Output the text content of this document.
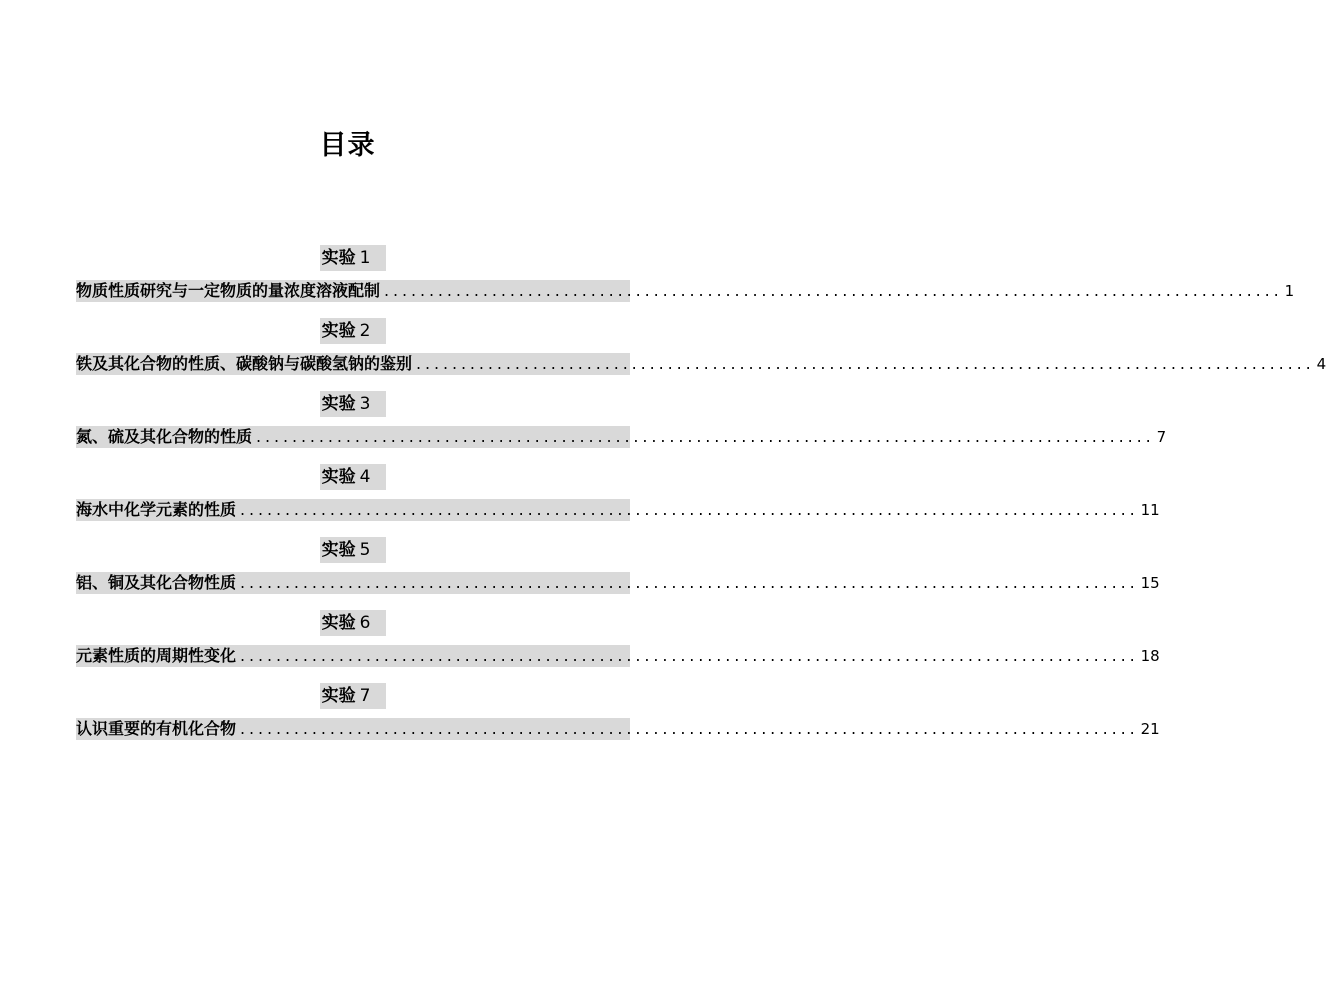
目录
实验 1
物质性质研究与一定物质的量浓度溶液配制 .................................................................................................... 1
实验 2
铁及其化合物的性质、碳酸钠与碳酸氢钠的鉴别 .................................................................................................... 4
实验 3
氮、硫及其化合物的性质 .................................................................................................... 7
实验 4
海水中化学元素的性质 .................................................................................................... 11
实验 5
铝、铜及其化合物性质 .................................................................................................... 15
实验 6
元素性质的周期性变化 .................................................................................................... 18
实验 7
认识重要的有机化合物 .................................................................................................... 21
